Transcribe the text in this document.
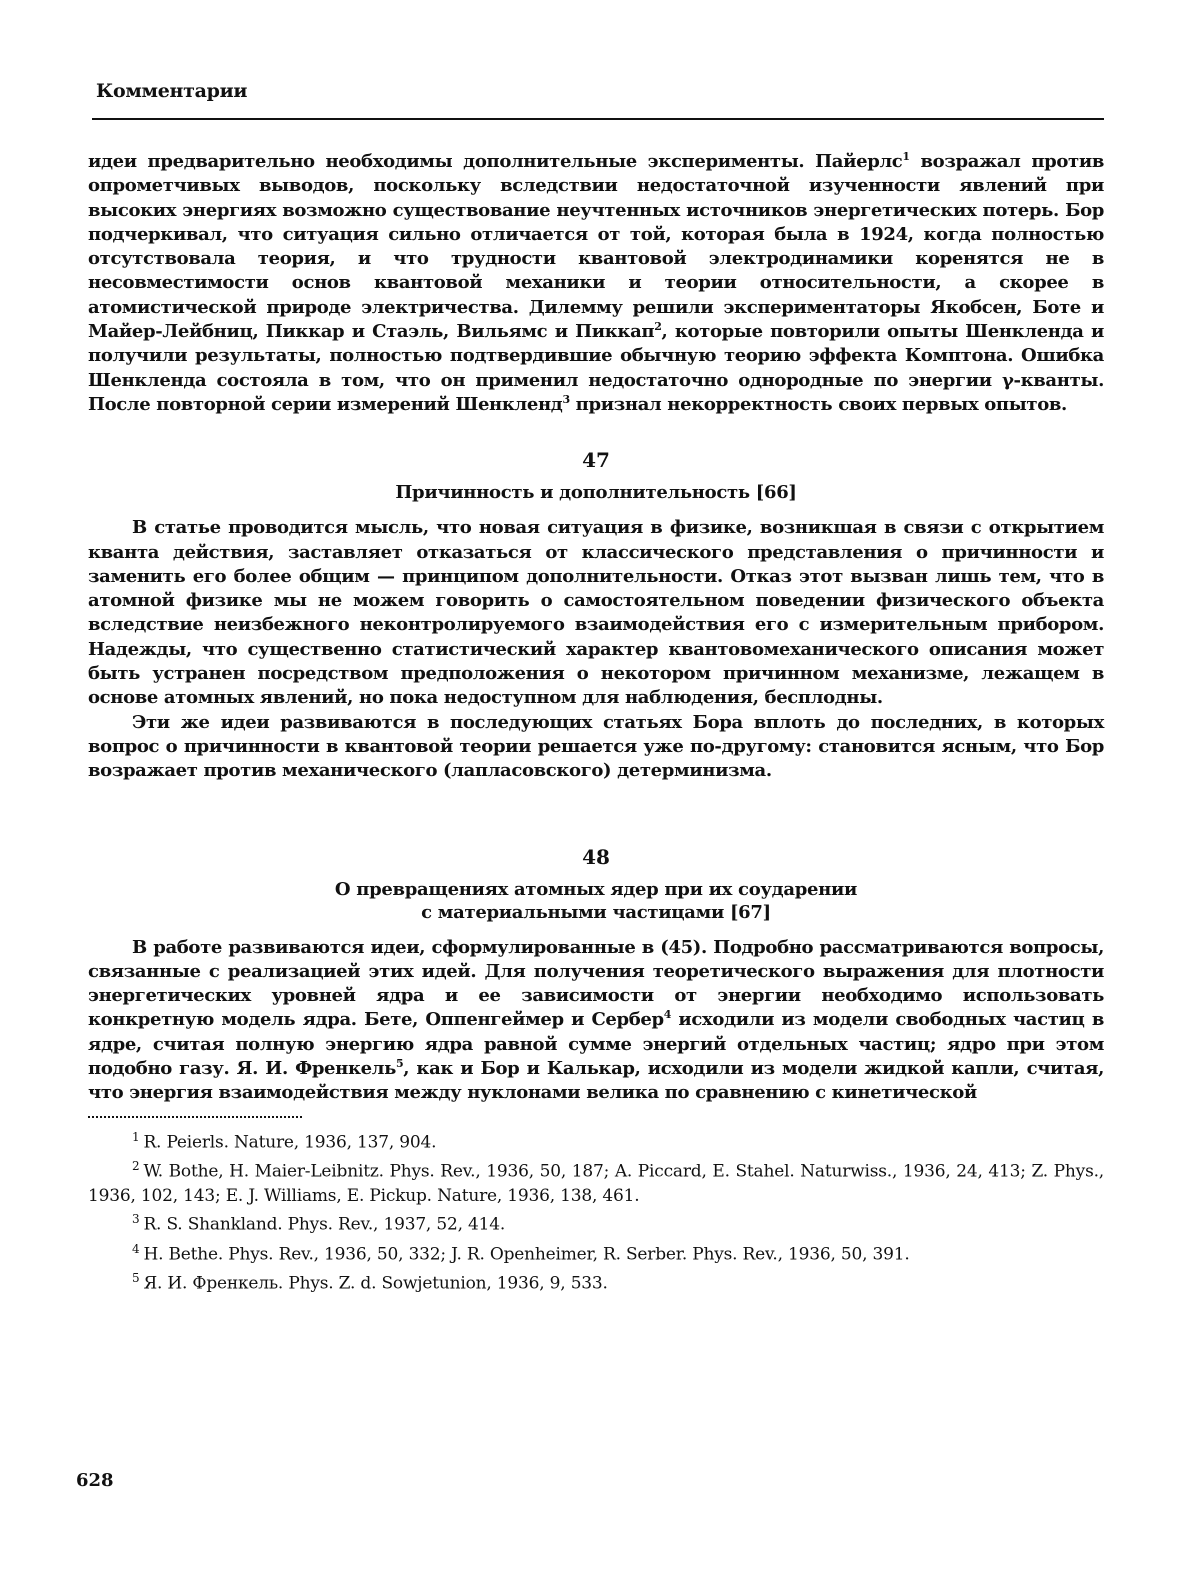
Комментарии

идеи предварительно необходимы дополнительные эксперименты. Пайерлс$^1$ возражал против опрометчивых выводов, поскольку вследствии недостаточной изученности явлений при высоких энергиях возможно существование неучтенных источников энергетических потерь. Бор подчеркивал, что ситуация сильно отличается от той, которая была в 1924, когда полностью отсутствовала теория, и что трудности квантовой электродинамики коренятся не в несовместимости основ квантовой механики и теории относительности, а скорее в атомистической природе электричества. Дилемму решили экспериментаторы Якобсен, Боте и Майер-Лейбниц, Пиккар и Стаэль, Вильямс и Пиккап$^2$, которые повторили опыты Шенкленда и получили результаты, полностью подтвердившие обычную теорию эффекта Комптона. Ошибка Шенкленда состояла в том, что он применил недостаточно однородные по энергии γ-кванты. После повторной серии измерений Шенкленд$^3$ признал некорректность своих первых опытов.

47
Причинность и дополнительность [66]

В статье проводится мысль, что новая ситуация в физике, возникшая в связи с открытием кванта действия, заставляет отказаться от классического представления о причинности и заменить его более общим — принципом дополнительности. Отказ этот вызван лишь тем, что в атомной физике мы не можем говорить о самостоятельном поведении физического объекта вследствие неизбежного неконтролируемого взаимодействия его с измерительным прибором. Надежды, что существенно статистический характер квантовомеханического описания может быть устранен посредством предположения о некотором причинном механизме, лежащем в основе атомных явлений, но пока недоступном для наблюдения, бесплодны.

Эти же идеи развиваются в последующих статьях Бора вплоть до последних, в которых вопрос о причинности в квантовой теории решается уже по-другому: становится ясным, что Бор возражает против механического (лапласовского) детерминизма.

48
О превращениях атомных ядер при их соударении
с материальными частицами [67]

В работе развиваются идеи, сформулированные в (45). Подробно рассматриваются вопросы, связанные с реализацией этих идей. Для получения теоретического выражения для плотности энергетических уровней ядра и ее зависимости от энергии необходимо использовать конкретную модель ядра. Бете, Оппенгеймер и Сербер$^4$ исходили из модели свободных частиц в ядре, считая полную энергию ядра равной сумме энергий отдельных частиц; ядро при этом подобно газу. Я. И. Френкель$^5$, как и Бор и Калькар, исходили из модели жидкой капли, считая, что энергия взаимодействия между нуклонами велика по сравнению с кинетической

$^1$ R. Peierls. Nature, 1936, 137, 904.
$^2$ W. Bothe, H. Maier-Leibnitz. Phys. Rev., 1936, 50, 187; A. Piccard, E. Stahel. Naturwiss., 1936, 24, 413; Z. Phys., 1936, 102, 143; E. J. Williams, E. Pickup. Nature, 1936, 138, 461.
$^3$ R. S. Shankland. Phys. Rev., 1937, 52, 414.
$^4$ H. Bethe. Phys. Rev., 1936, 50, 332; J. R. Openheimer, R. Serber. Phys. Rev., 1936, 50, 391.
$^5$ Я. И. Френкель. Phys. Z. d. Sowjetunion, 1936, 9, 533.
628
